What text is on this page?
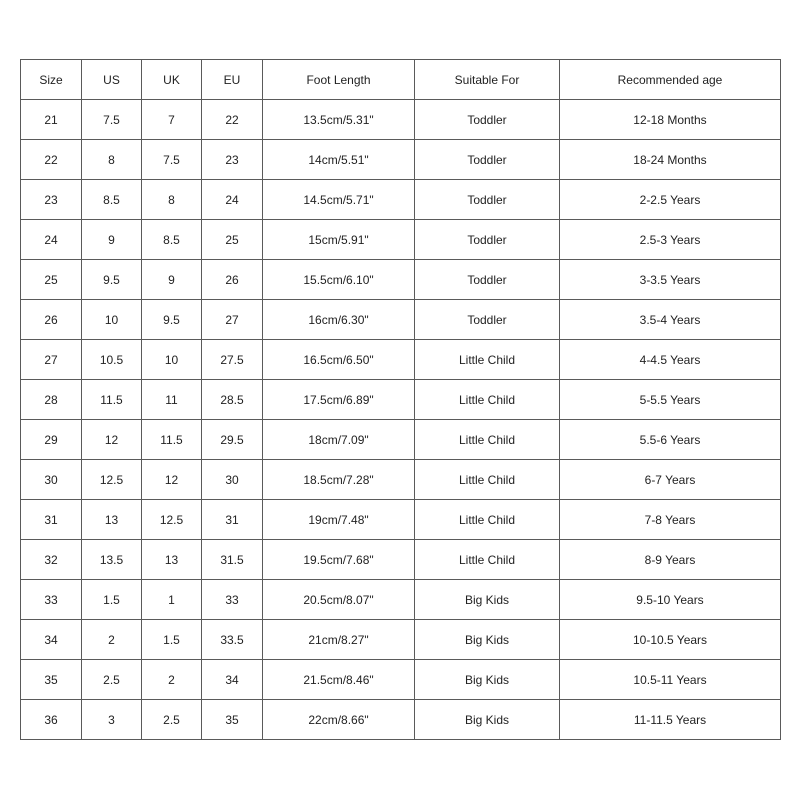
Size	US	UK	EU	Foot Length	Suitable For	Recommended age
21	7.5	7	22	13.5cm/5.31"	Toddler	12-18 Months
22	8	7.5	23	14cm/5.51"	Toddler	18-24 Months
23	8.5	8	24	14.5cm/5.71"	Toddler	2-2.5 Years
24	9	8.5	25	15cm/5.91"	Toddler	2.5-3 Years
25	9.5	9	26	15.5cm/6.10"	Toddler	3-3.5 Years
26	10	9.5	27	16cm/6.30"	Toddler	3.5-4 Years
27	10.5	10	27.5	16.5cm/6.50"	Little Child	4-4.5 Years
28	11.5	11	28.5	17.5cm/6.89"	Little Child	5-5.5 Years
29	12	11.5	29.5	18cm/7.09"	Little Child	5.5-6 Years
30	12.5	12	30	18.5cm/7.28"	Little Child	6-7 Years
31	13	12.5	31	19cm/7.48"	Little Child	7-8 Years
32	13.5	13	31.5	19.5cm/7.68"	Little Child	8-9 Years
33	1.5	1	33	20.5cm/8.07"	Big Kids	9.5-10 Years
34	2	1.5	33.5	21cm/8.27"	Big Kids	10-10.5 Years
35	2.5	2	34	21.5cm/8.46"	Big Kids	10.5-11 Years
36	3	2.5	35	22cm/8.66"	Big Kids	11-11.5 Years
